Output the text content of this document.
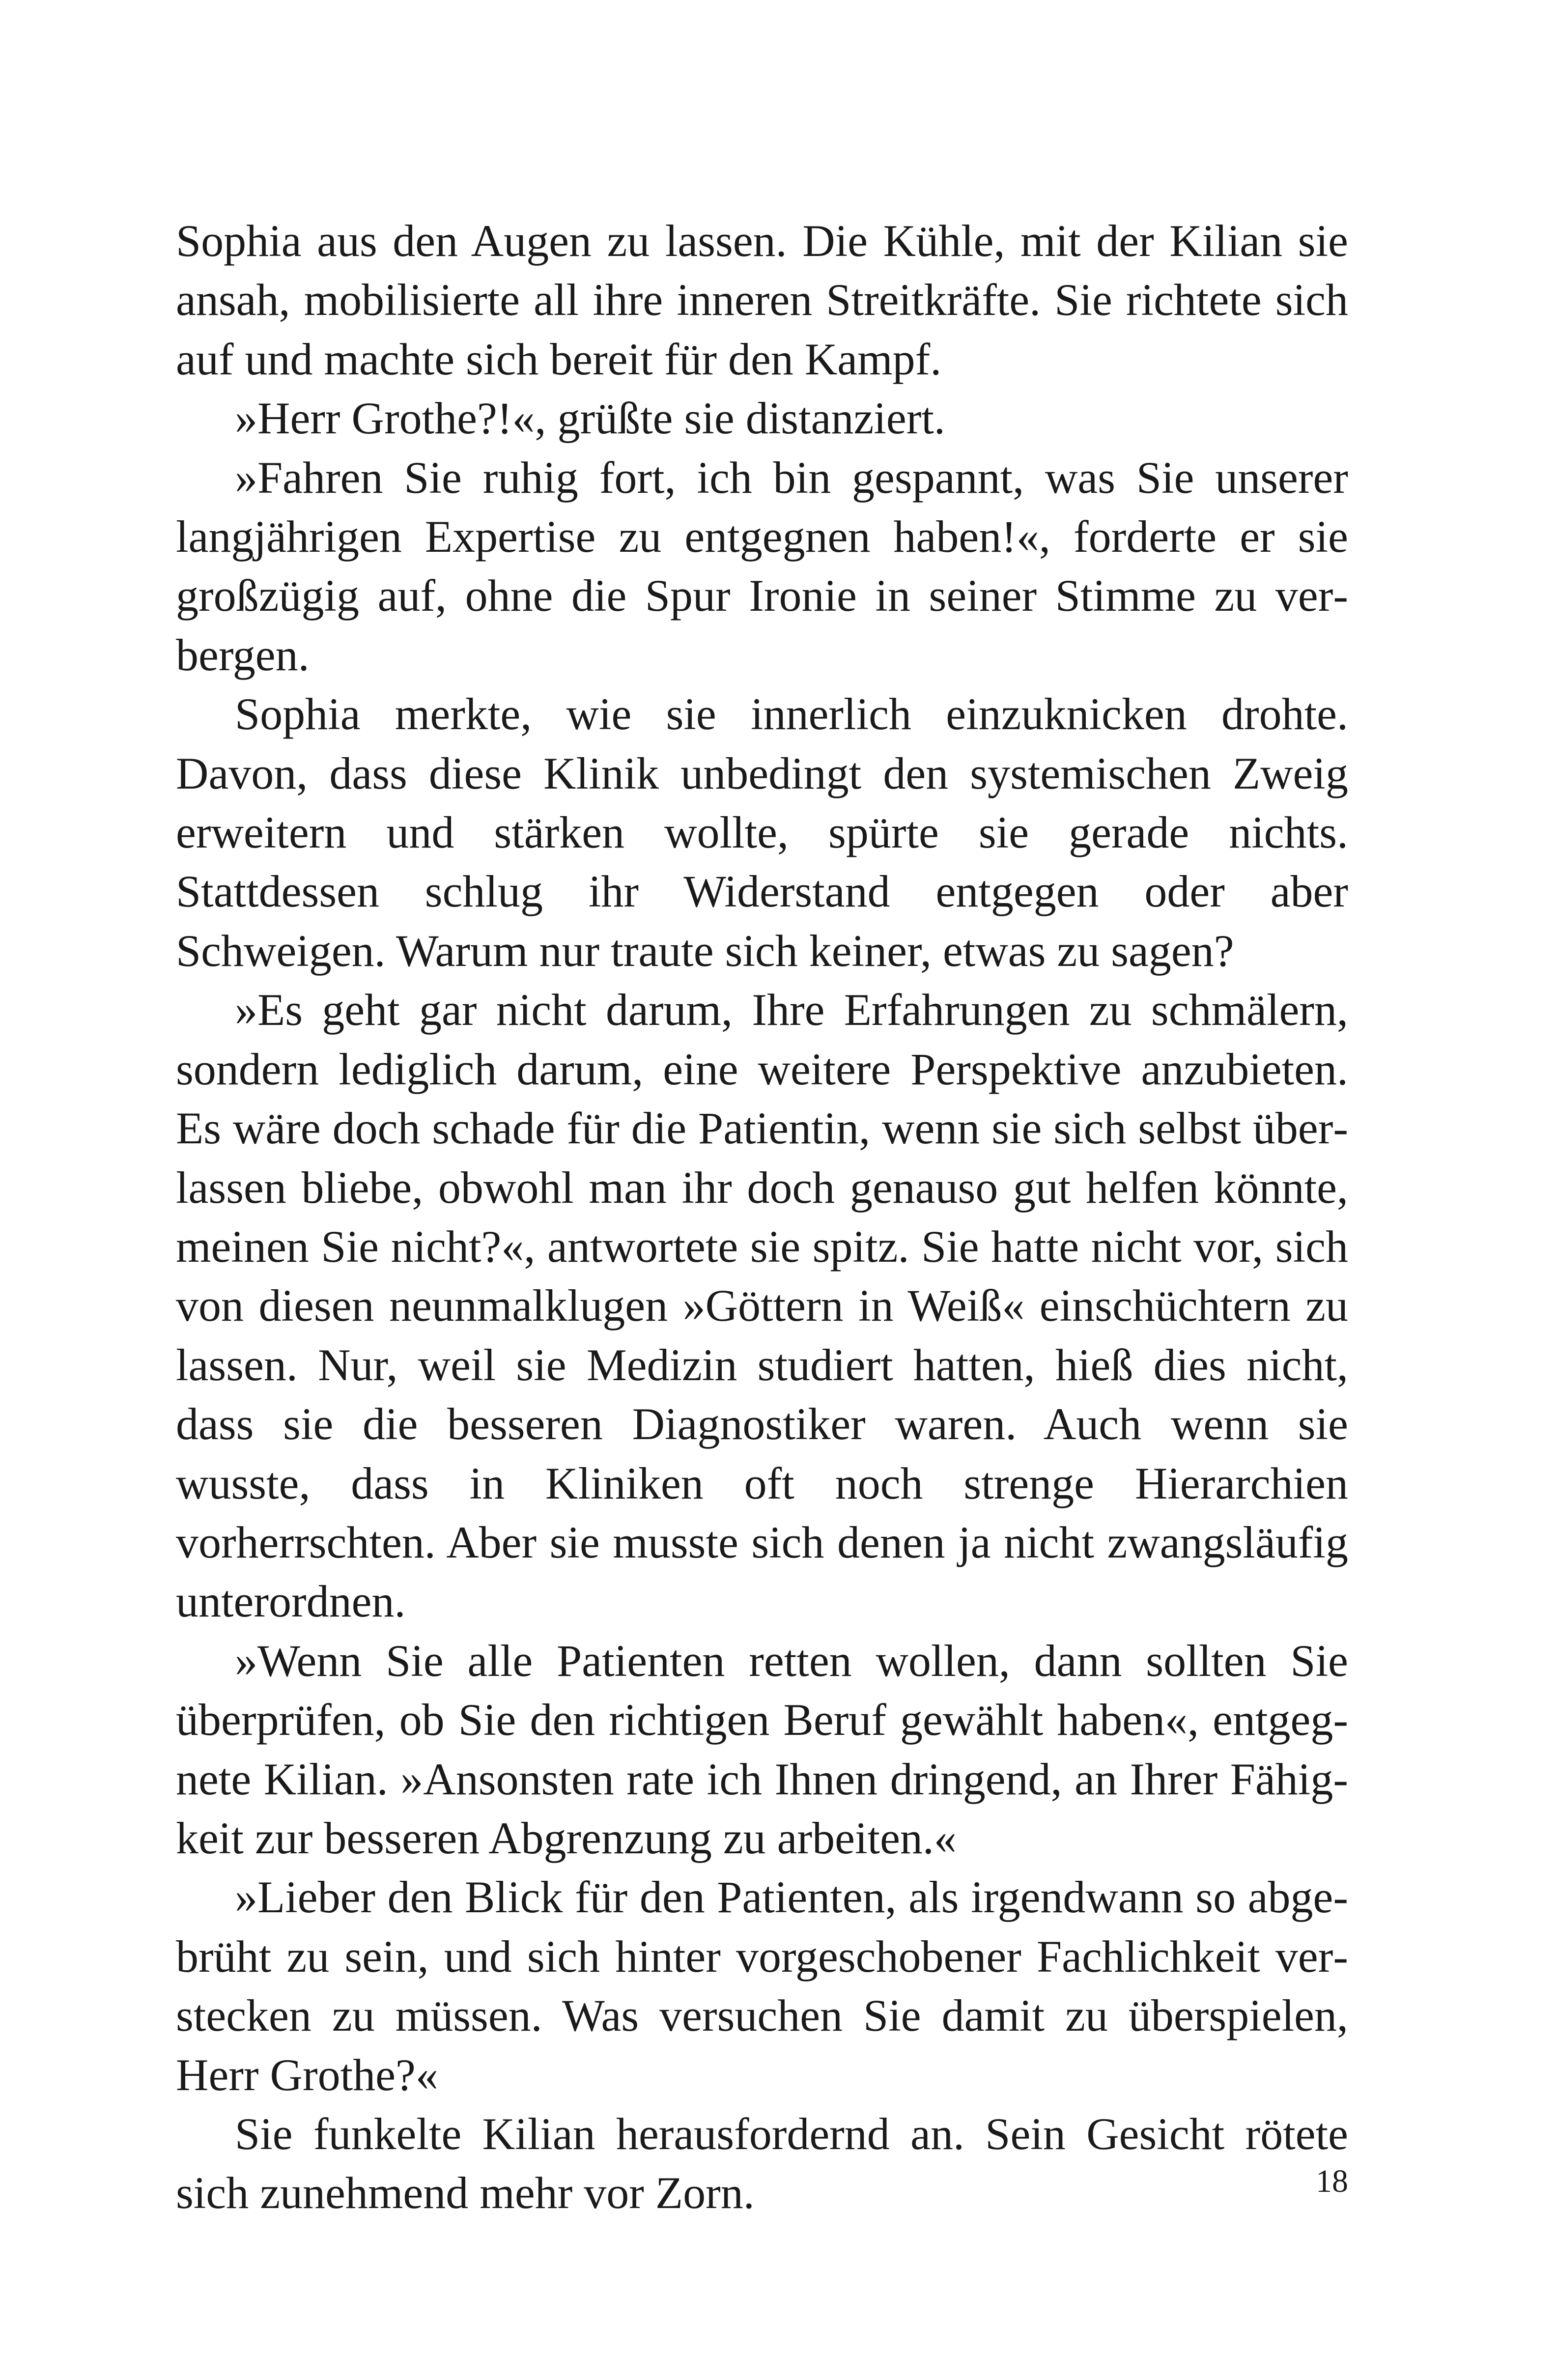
Sophia aus den Augen zu lassen. Die Kühle, mit der Kilian sie ansah, mobilisierte all ihre inneren Streitkräfte. Sie richtete sich auf und machte sich bereit für den Kampf.

»Herr Grothe?!«, grüßte sie distanziert.

»Fahren Sie ruhig fort, ich bin gespannt, was Sie unserer langjährigen Expertise zu entgegnen haben!«, forderte er sie großzügig auf, ohne die Spur Ironie in seiner Stimme zu verbergen.

Sophia merkte, wie sie innerlich einzuknicken drohte. Davon, dass diese Klinik unbedingt den systemischen Zweig erweitern und stärken wollte, spürte sie gerade nichts. Stattdessen schlug ihr Widerstand entgegen oder aber Schweigen. Warum nur traute sich keiner, etwas zu sagen?

»Es geht gar nicht darum, Ihre Erfahrungen zu schmälern, sondern lediglich darum, eine weitere Perspektive anzubieten. Es wäre doch schade für die Patientin, wenn sie sich selbst überlassen bliebe, obwohl man ihr doch genauso gut helfen könnte, meinen Sie nicht?«, antwortete sie spitz. Sie hatte nicht vor, sich von diesen neunmalklugen »Göttern in Weiß« einschüchtern zu lassen. Nur, weil sie Medizin studiert hatten, hieß dies nicht, dass sie die besseren Diagnostiker waren. Auch wenn sie wusste, dass in Kliniken oft noch strenge Hierarchien vorherrschten. Aber sie musste sich denen ja nicht zwangsläufig unterordnen.

»Wenn Sie alle Patienten retten wollen, dann sollten Sie überprüfen, ob Sie den richtigen Beruf gewählt haben«, entgegnete Kilian. »Ansonsten rate ich Ihnen dringend, an Ihrer Fähigkeit zur besseren Abgrenzung zu arbeiten.«

»Lieber den Blick für den Patienten, als irgendwann so abgebrüht zu sein, und sich hinter vorgeschobener Fachlichkeit verstecken zu müssen. Was versuchen Sie damit zu überspielen, Herr Grothe?«

Sie funkelte Kilian herausfordernd an. Sein Gesicht rötete sich zunehmend mehr vor Zorn.	18
